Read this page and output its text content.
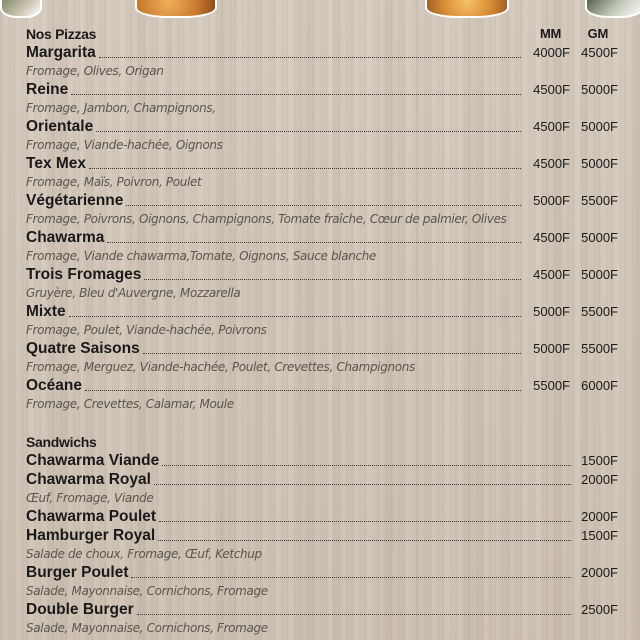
Nos Pizzas	MM	GM
Margarita	4000F 4500F
Fromage, Olives, Origan
Reine	4500F 5000F
Fromage, Jambon, Champignons,
Orientale	4500F 5000F
Fromage, Viande-hachée, Oignons
Tex Mex	4500F 5000F
Fromage, Maïs, Poivron, Poulet
Végétarienne	5000F 5500F
Fromage, Poivrons, Oignons, Champignons, Tomate fraîche, Cœur de palmier, Olives
Chawarma	4500F 5000F
Fromage, Viande chawarma,Tomate, Oignons, Sauce blanche
Trois Fromages	4500F 5000F
Gruyère, Bleu d'Auvergne, Mozzarella
Mixte	5000F 5500F
Fromage, Poulet, Viande-hachée, Poivrons
Quatre Saisons	5000F 5500F
Fromage, Merguez, Viande-hachée, Poulet, Crevettes, Champignons
Océane	5500F 6000F
Fromage, Crevettes, Calamar, Moule
Sandwichs
Chawarma Viande	1500F
Chawarma Royal	2000F
Œuf, Fromage, Viande
Chawarma Poulet	2000F
Hamburger Royal	1500F
Salade de choux, Fromage, Œuf, Ketchup
Burger Poulet	2000F
Salade, Mayonnaise, Cornichons, Fromage
Double Burger	2500F
Salade, Mayonnaise, Cornichons, Fromage
